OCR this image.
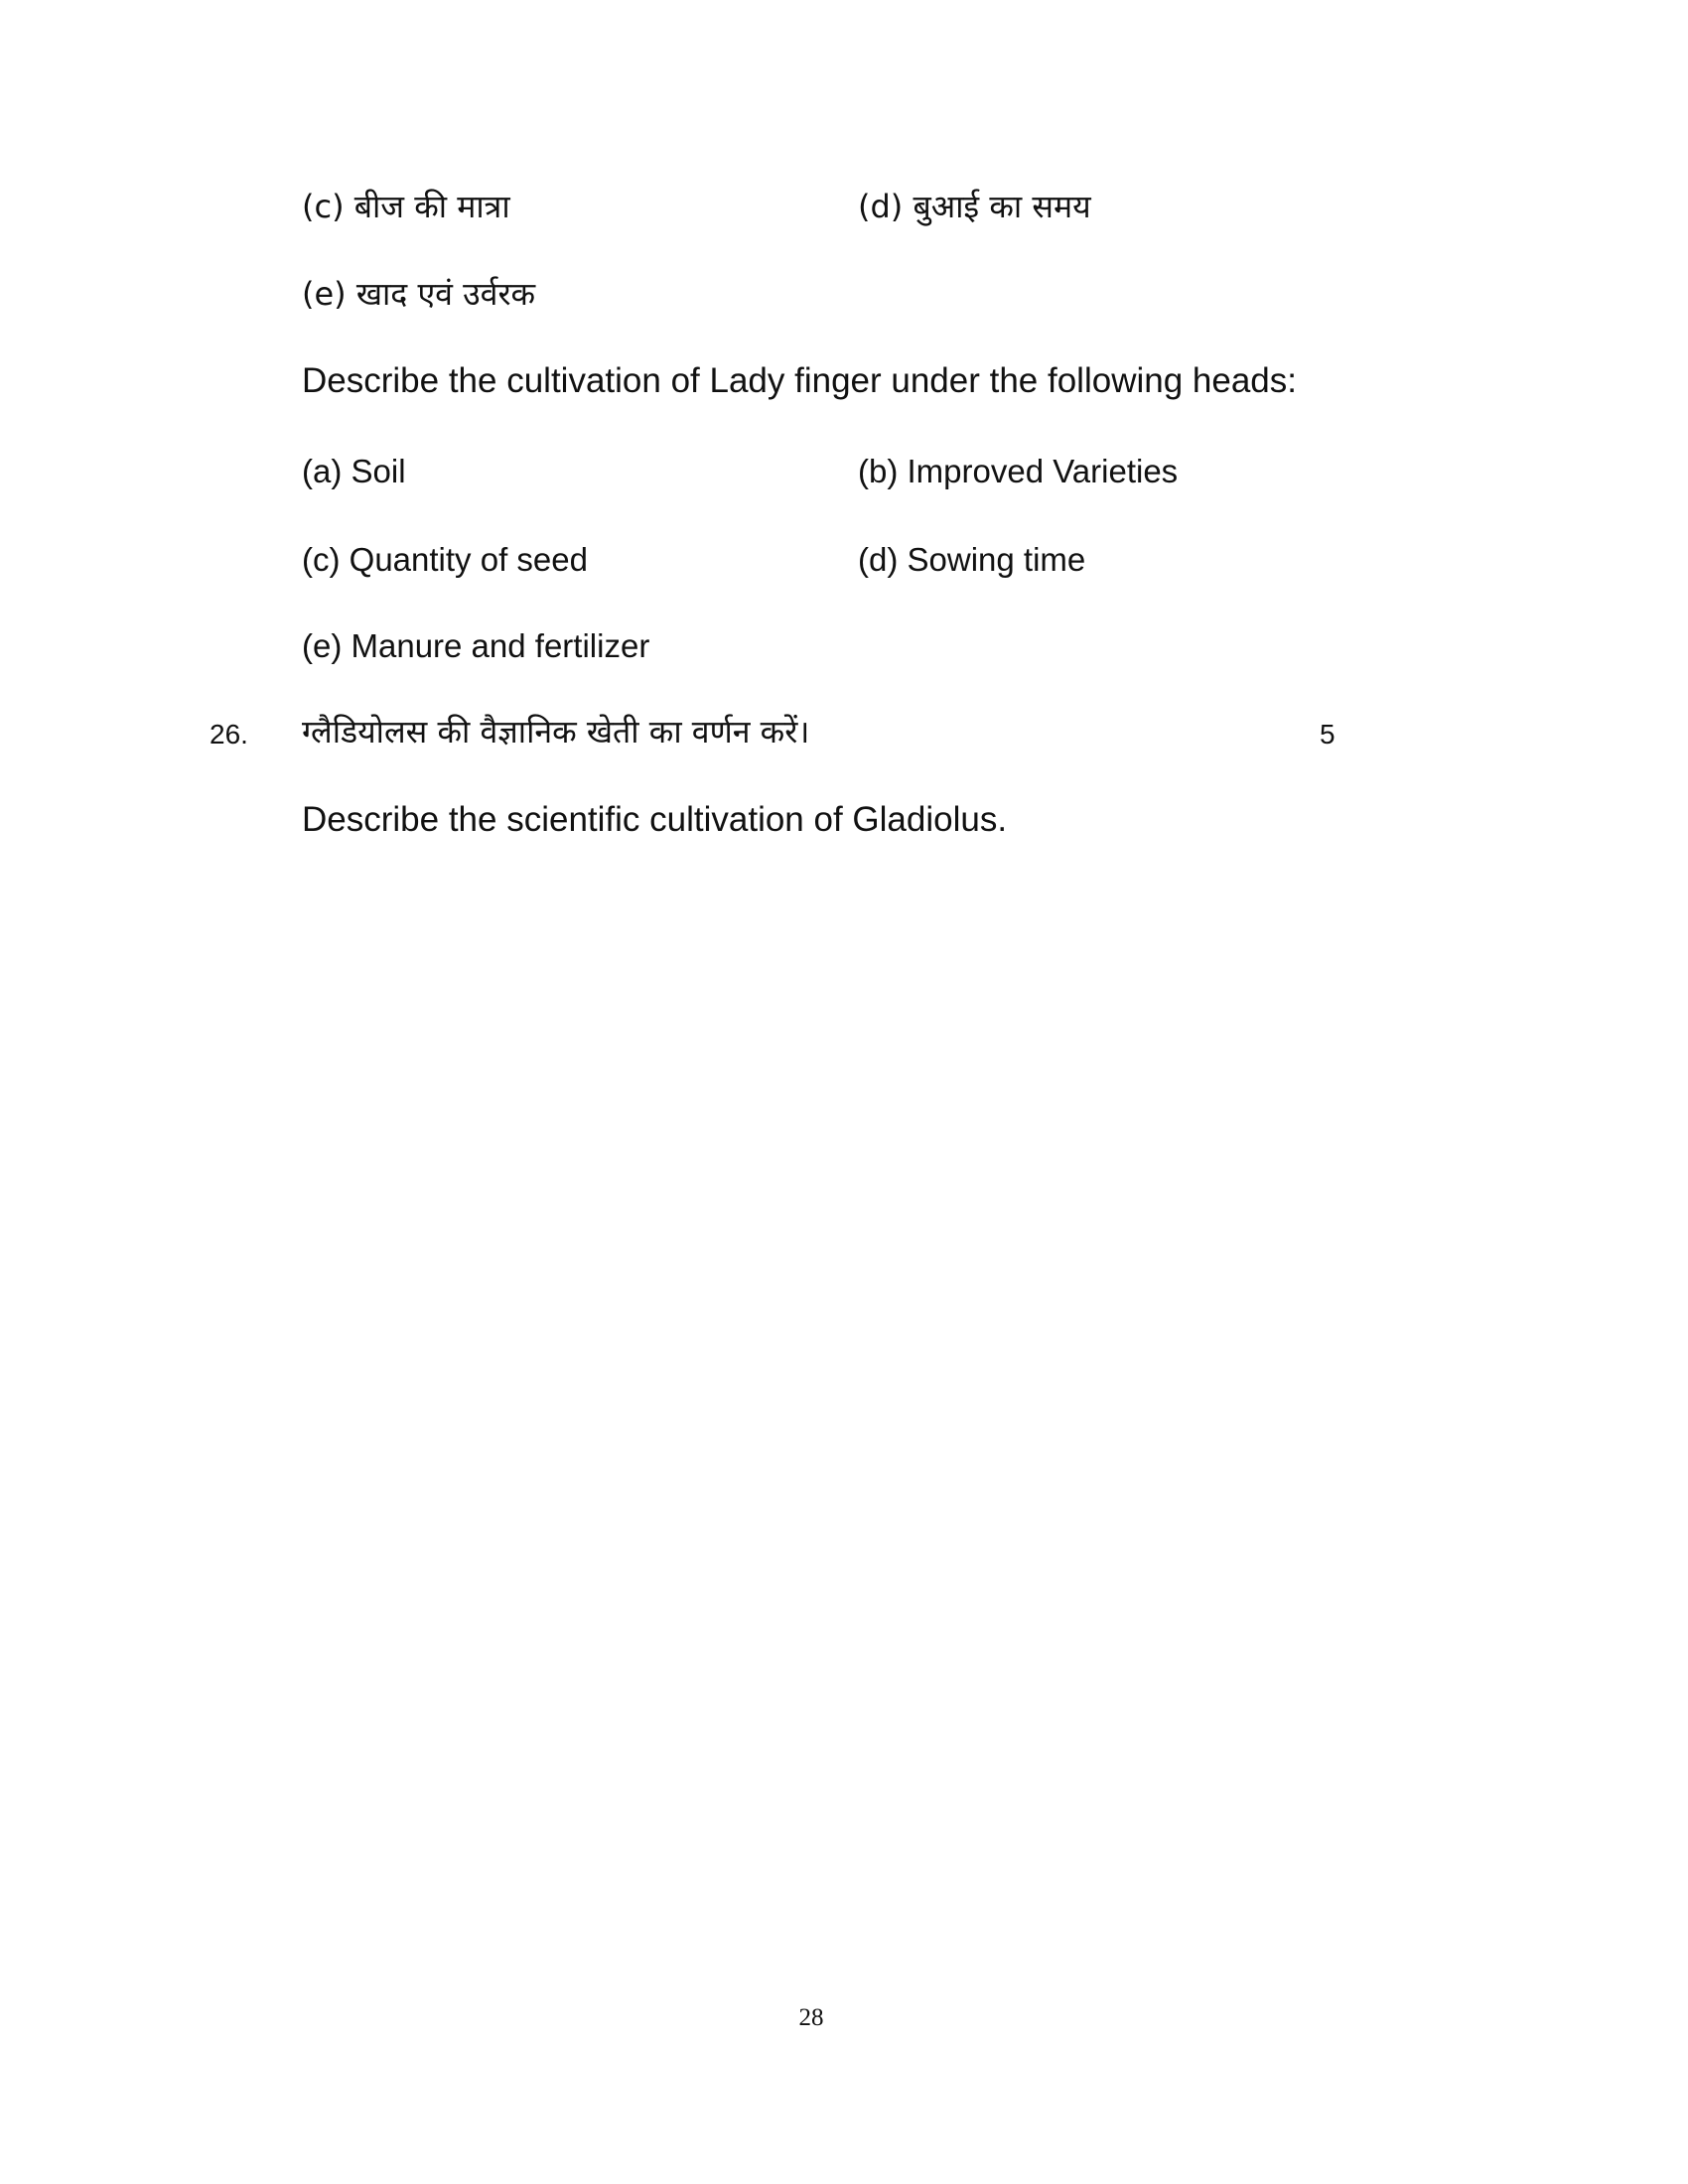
(c) बीज की मात्रा	(d) बुआई का समय
(e) खाद एवं उर्वरक
Describe the cultivation of Lady finger under the following heads:
(a) Soil	(b) Improved Varieties
(c) Quantity of seed	(d) Sowing time
(e) Manure and fertilizer
26. ग्लैडियोलस की वैज्ञानिक खेती का वर्णन करें।	5
Describe the scientific cultivation of Gladiolus.
28
